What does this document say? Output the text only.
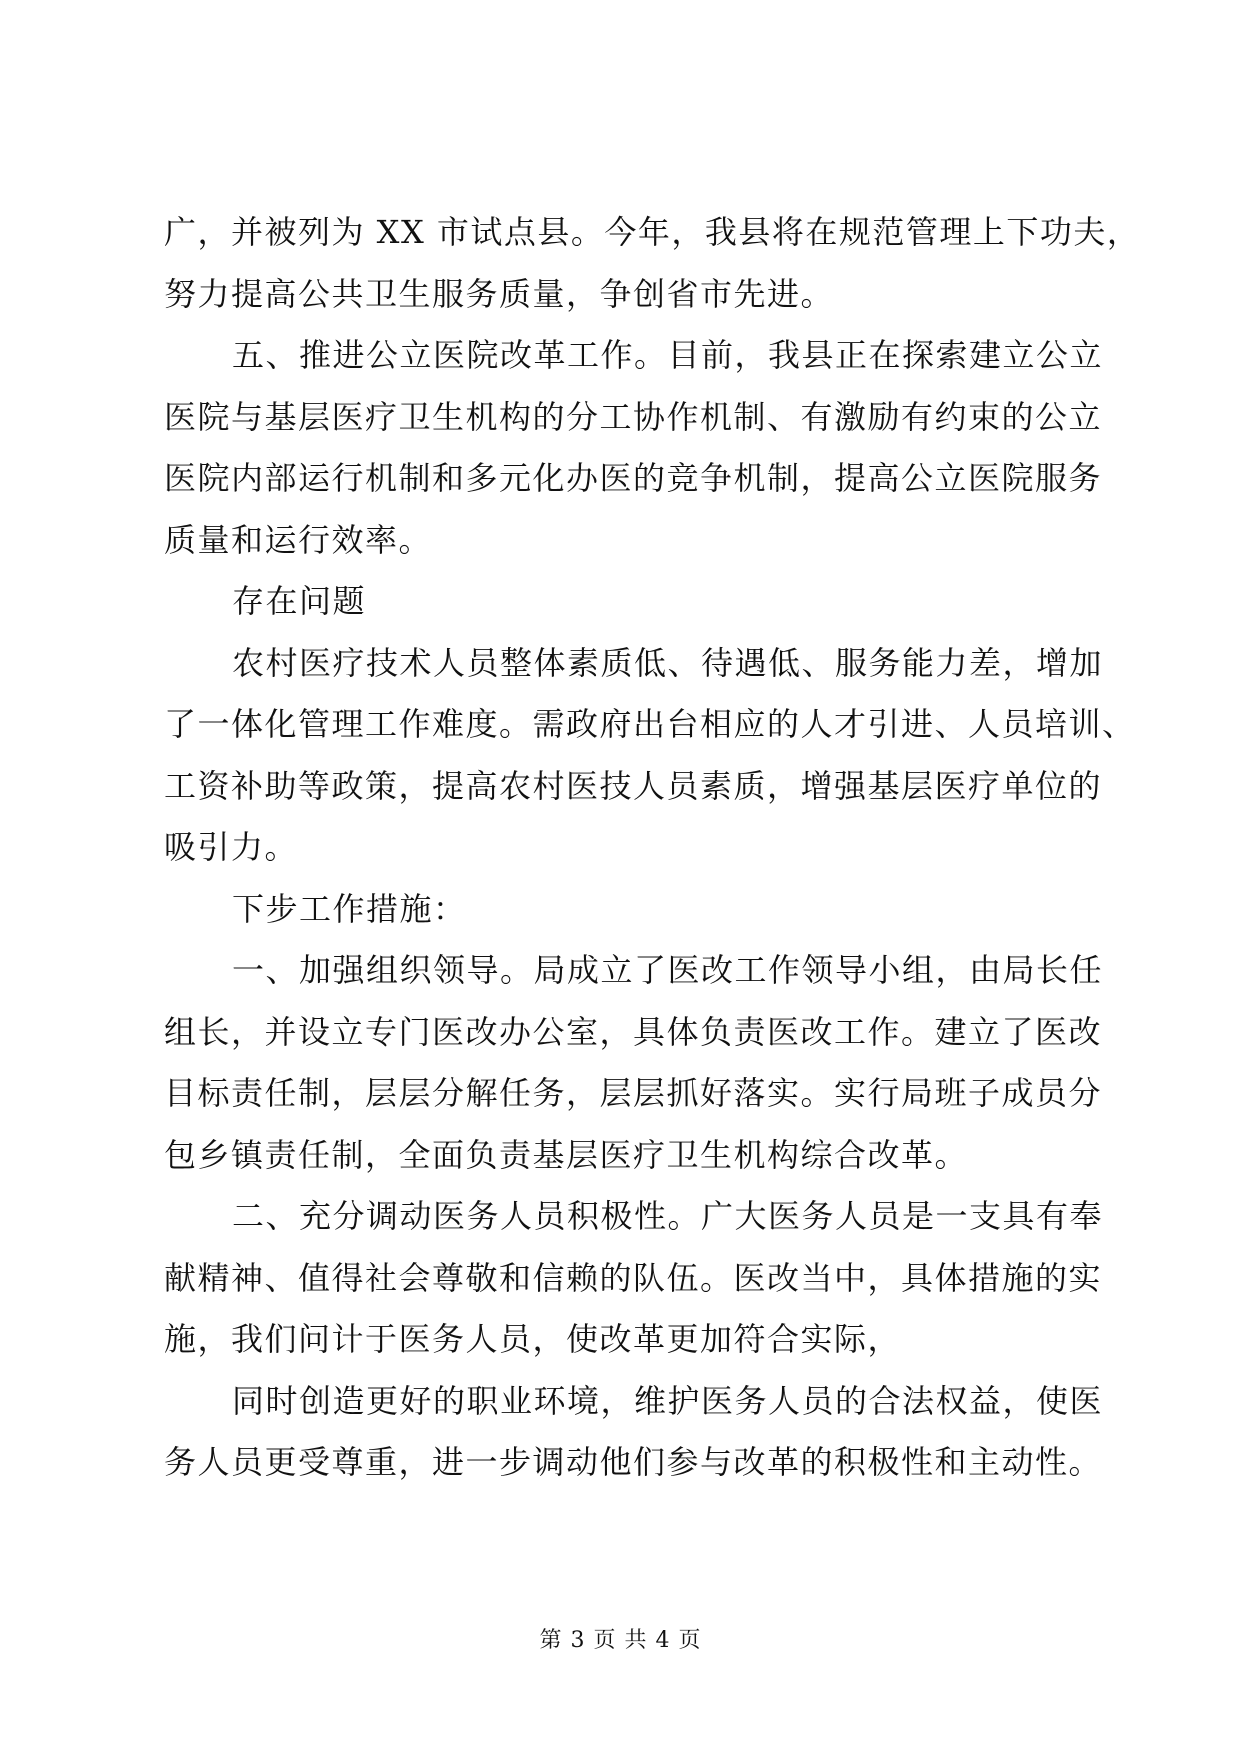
广，并被列为 XX 市试点县。今年，我县将在规范管理上下功夫，
努力提高公共卫生服务质量，争创省市先进。
五、推进公立医院改革工作。目前，我县正在探索建立公立
医院与基层医疗卫生机构的分工协作机制、有激励有约束的公立
医院内部运行机制和多元化办医的竞争机制，提高公立医院服务
质量和运行效率。
存在问题
农村医疗技术人员整体素质低、待遇低、服务能力差，增加
了一体化管理工作难度。需政府出台相应的人才引进、人员培训、
工资补助等政策，提高农村医技人员素质，增强基层医疗单位的
吸引力。
下步工作措施：
一、加强组织领导。局成立了医改工作领导小组，由局长任
组长，并设立专门医改办公室，具体负责医改工作。建立了医改
目标责任制，层层分解任务，层层抓好落实。实行局班子成员分
包乡镇责任制，全面负责基层医疗卫生机构综合改革。
二、充分调动医务人员积极性。广大医务人员是一支具有奉
献精神、值得社会尊敬和信赖的队伍。医改当中，具体措施的实
施，我们问计于医务人员，使改革更加符合实际，
同时创造更好的职业环境，维护医务人员的合法权益，使医
务人员更受尊重，进一步调动他们参与改革的积极性和主动性。
第 3 页 共 4 页
